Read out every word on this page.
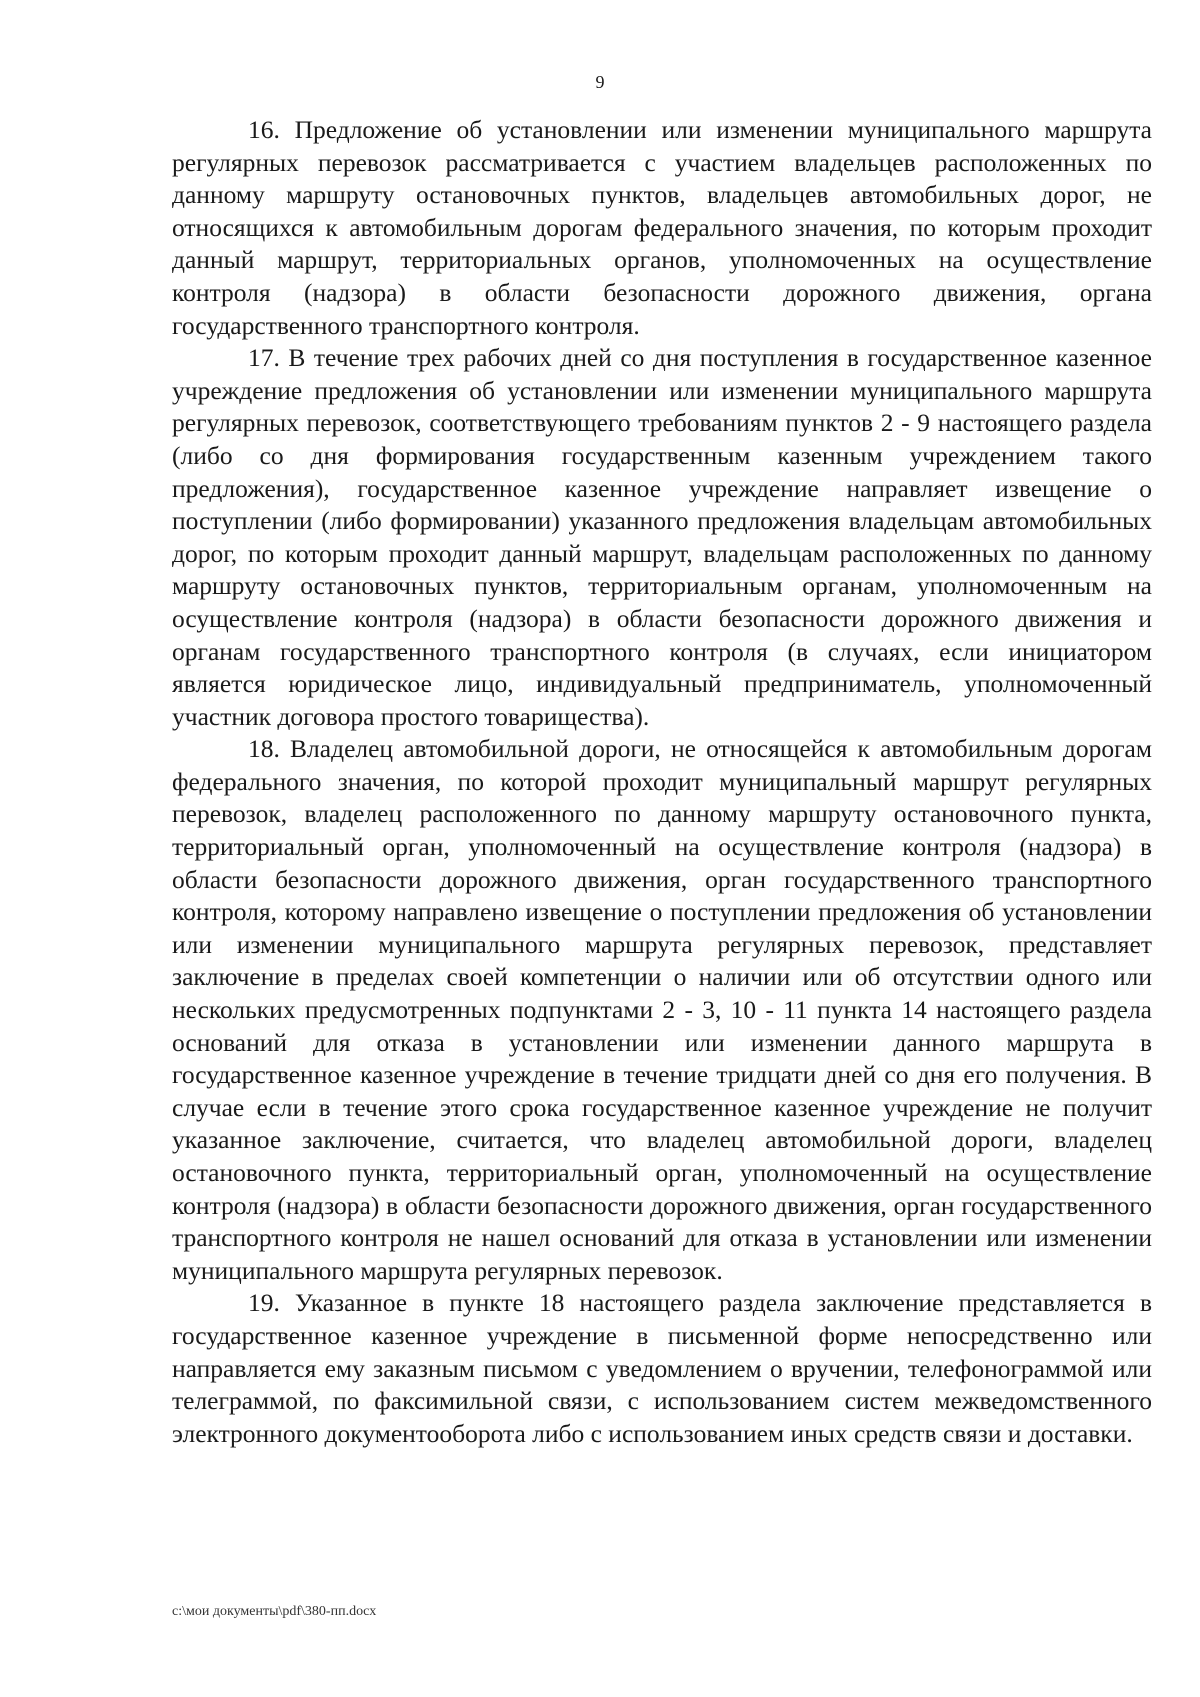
9

16. Предложение об установлении или изменении муниципального маршрута регулярных перевозок рассматривается с участием владельцев расположенных по данному маршруту остановочных пунктов, владельцев автомобильных дорог, не относящихся к автомобильным дорогам федерального значения, по которым проходит данный маршрут, территориальных органов, уполномоченных на осуществление контроля (надзора) в области безопасности дорожного движения, органа государственного транспортного контроля.

17. В течение трех рабочих дней со дня поступления в государственное казенное учреждение предложения об установлении или изменении муниципального маршрута регулярных перевозок, соответствующего требованиям пунктов 2 - 9 настоящего раздела (либо со дня формирования государственным казенным учреждением такого предложения), государственное казенное учреждение направляет извещение о поступлении (либо формировании) указанного предложения владельцам автомобильных дорог, по которым проходит данный маршрут, владельцам расположенных по данному маршруту остановочных пунктов, территориальным органам, уполномоченным на осуществление контроля (надзора) в области безопасности дорожного движения и органам государственного транспортного контроля (в случаях, если инициатором является юридическое лицо, индивидуальный предприниматель, уполномоченный участник договора простого товарищества).

18. Владелец автомобильной дороги, не относящейся к автомобильным дорогам федерального значения, по которой проходит муниципальный маршрут регулярных перевозок, владелец расположенного по данному маршруту остановочного пункта, территориальный орган, уполномоченный на осуществление контроля (надзора) в области безопасности дорожного движения, орган государственного транспортного контроля, которому направлено извещение о поступлении предложения об установлении или изменении муниципального маршрута регулярных перевозок, представляет заключение в пределах своей компетенции о наличии или об отсутствии одного или нескольких предусмотренных подпунктами 2 - 3, 10 - 11 пункта 14 настоящего раздела оснований для отказа в установлении или изменении данного маршрута в государственное казенное учреждение в течение тридцати дней со дня его получения. В случае если в течение этого срока государственное казенное учреждение не получит указанное заключение, считается, что владелец автомобильной дороги, владелец остановочного пункта, территориальный орган, уполномоченный на осуществление контроля (надзора) в области безопасности дорожного движения, орган государственного транспортного контроля не нашел оснований для отказа в установлении или изменении муниципального маршрута регулярных перевозок.

19. Указанное в пункте 18 настоящего раздела заключение представляется в государственное казенное учреждение в письменной форме непосредственно или направляется ему заказным письмом с уведомлением о вручении, телефонограммой или телеграммой, по факсимильной связи, с использованием систем межведомственного электронного документооборота либо с использованием иных средств связи и доставки.

c:\мои документы\pdf\380-пп.docx
